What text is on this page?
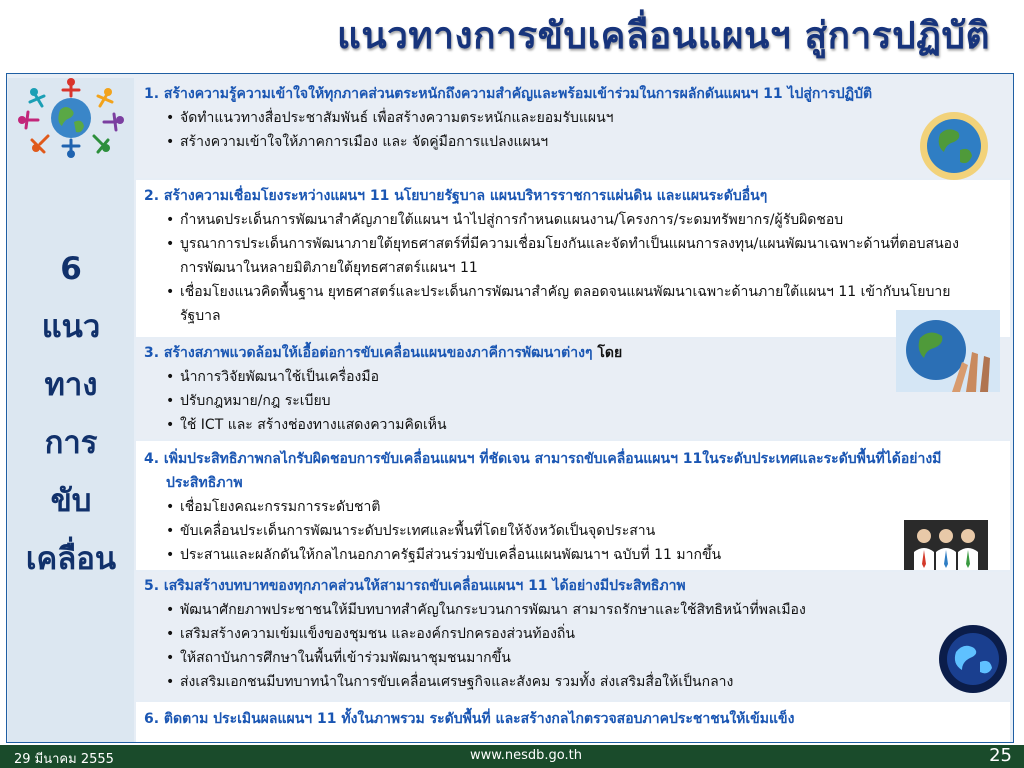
แนวทางการขับเคลื่อนแผนฯ สู่การปฏิบัติ
6
แนว
ทาง
การ
ขับ
เคลื่อน
1. สร้างความรู้ความเข้าใจให้ทุกภาคส่วนตระหนักถึงความสำคัญและพร้อมเข้าร่วมในการผลักดันแผนฯ 11 ไปสู่การปฏิบัติ
• จัดทำแนวทางสื่อประชาสัมพันธ์ เพื่อสร้างความตระหนักและยอมรับแผนฯ
• สร้างความเข้าใจให้ภาคการเมือง และ จัดคู่มือการแปลงแผนฯ
2. สร้างความเชื่อมโยงระหว่างแผนฯ 11 นโยบายรัฐบาล แผนบริหารราชการแผ่นดิน และแผนระดับอื่นๆ
• กำหนดประเด็นการพัฒนาสำคัญภายใต้แผนฯ นำไปสู่การกำหนดแผนงาน/โครงการ/ระดมทรัพยากร/ผู้รับผิดชอบ
• บูรณาการประเด็นการพัฒนาภายใต้ยุทธศาสตร์ที่มีความเชื่อมโยงกันและจัดทำเป็นแผนการลงทุน/แผนพัฒนาเฉพาะด้านที่ตอบสนองการพัฒนาในหลายมิติภายใต้ยุทธศาสตร์แผนฯ 11
• เชื่อมโยงแนวคิดพื้นฐาน ยุทธศาสตร์และประเด็นการพัฒนาสำคัญ ตลอดจนแผนพัฒนาเฉพาะด้านภายใต้แผนฯ 11 เข้ากับนโยบายรัฐบาล
3. สร้างสภาพแวดล้อมให้เอื้อต่อการขับเคลื่อนแผนของภาคีการพัฒนาต่างๆ โดย
• นำการวิจัยพัฒนาใช้เป็นเครื่องมือ
• ปรับกฎหมาย/กฎ ระเบียบ
• ใช้ ICT และ สร้างช่องทางแสดงความคิดเห็น
4. เพิ่มประสิทธิภาพกลไกรับผิดชอบการขับเคลื่อนแผนฯ ที่ชัดเจน สามารถขับเคลื่อนแผนฯ 11ในระดับประเทศและระดับพื้นที่ได้อย่างมีประสิทธิภาพ
• เชื่อมโยงคณะกรรมการระดับชาติ
• ขับเคลื่อนประเด็นการพัฒนาระดับประเทศและพื้นที่โดยให้จังหวัดเป็นจุดประสาน
• ประสานและผลักดันให้กลไกนอกภาครัฐมีส่วนร่วมขับเคลื่อนแผนพัฒนาฯ ฉบับที่ 11 มากขึ้น
5. เสริมสร้างบทบาทของทุกภาคส่วนให้สามารถขับเคลื่อนแผนฯ 11 ได้อย่างมีประสิทธิภาพ
• พัฒนาศักยภาพประชาชนให้มีบทบาทสำคัญในกระบวนการพัฒนา สามารถรักษาและใช้สิทธิหน้าที่พลเมือง
• เสริมสร้างความเข้มแข็งของชุมชน และองค์กรปกครองส่วนท้องถิ่น
• ให้สถาบันการศึกษาในพื้นที่เข้าร่วมพัฒนาชุมชนมากขึ้น
• ส่งเสริมเอกชนมีบทบาทนำในการขับเคลื่อนเศรษฐกิจและสังคม รวมทั้ง ส่งเสริมสื่อให้เป็นกลาง
6. ติดตาม ประเมินผลแผนฯ 11 ทั้งในภาพรวม ระดับพื้นที่ และสร้างกลไกตรวจสอบภาคประชาชนให้เข้มแข็ง
29 มีนาคม 2555	www.nesdb.go.th	25
